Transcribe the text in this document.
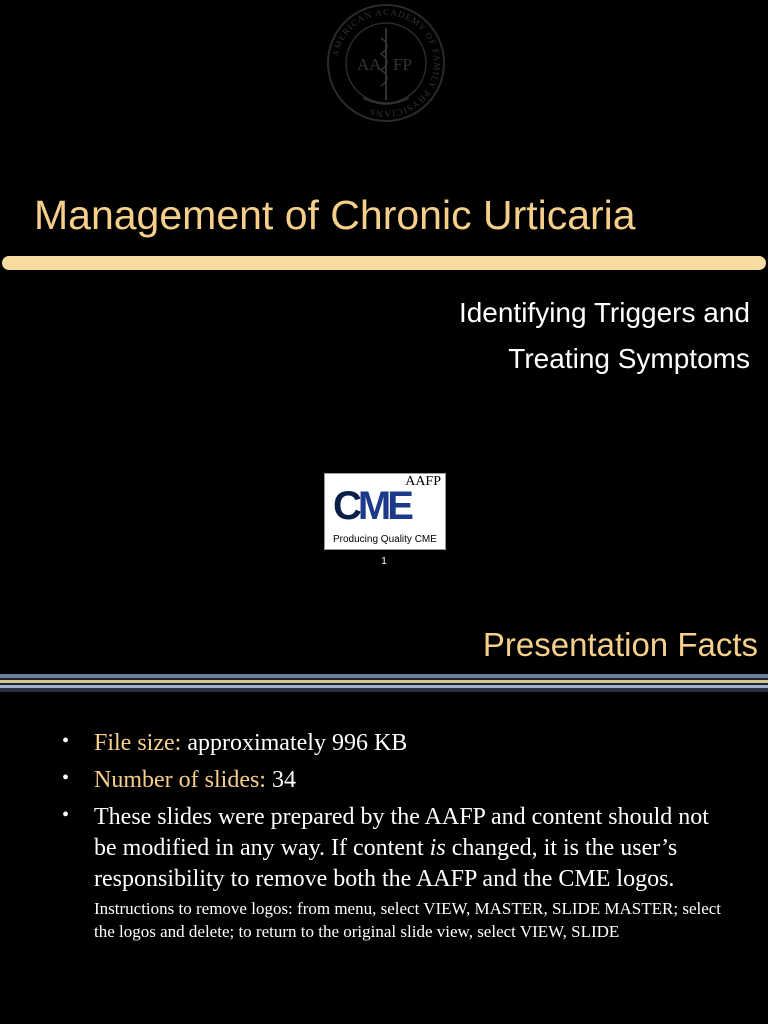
AMERICAN ACADEMY OF FAMILY PHYSICIANS
AA FP
Management of Chronic Urticaria
Identifying Triggers and
Treating Symptoms
AAFP
CME
Producing Quality CME
1
Presentation Facts
• File size: approximately 996 KB
• Number of slides: 34
• These slides were prepared by the AAFP and content should not be modified in any way. If content is changed, it is the user’s responsibility to remove both the AAFP and the CME logos.
Instructions to remove logos: from menu, select VIEW, MASTER, SLIDE MASTER; select the logos and delete; to return to the original slide view, select VIEW, SLIDE
